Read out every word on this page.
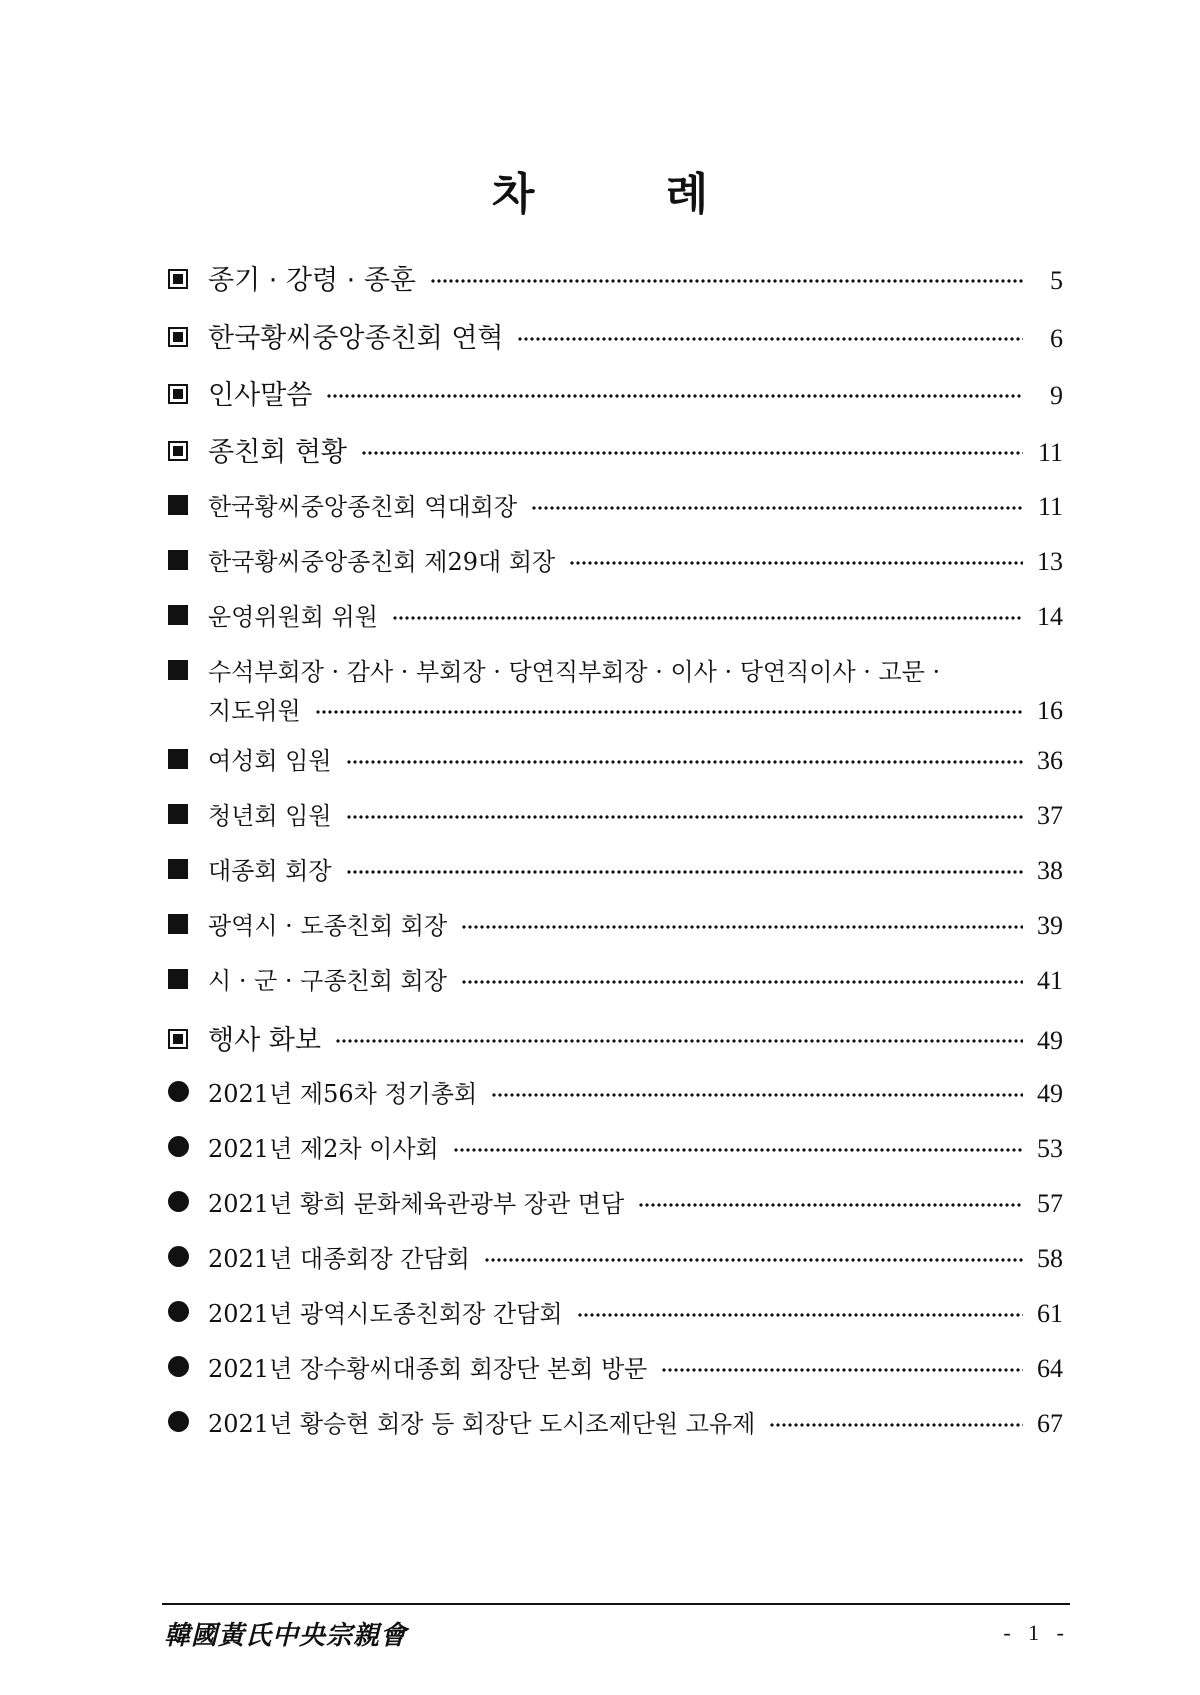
차 례
종기 · 강령 · 종훈	5
한국황씨중앙종친회 연혁	6
인사말씀	9
종친회 현황	11
한국황씨중앙종친회 역대회장	11
한국황씨중앙종친회 제29대 회장	13
운영위원회 위원	14
수석부회장 · 감사 · 부회장 · 당연직부회장 · 이사 · 당연직이사 · 고문 ·
지도위원	16
여성회 임원	36
청년회 임원	37
대종회 회장	38
광역시 · 도종친회 회장	39
시 · 군 · 구종친회 회장	41
행사 화보	49
2021년 제56차 정기총회	49
2021년 제2차 이사회	53
2021년 황희 문화체육관광부 장관 면담	57
2021년 대종회장 간담회	58
2021년 광역시도종친회장 간담회	61
2021년 장수황씨대종회 회장단 본회 방문	64
2021년 황승현 회장 등 회장단 도시조제단원 고유제	67
韓國黃氏中央宗親會	- 1 -
